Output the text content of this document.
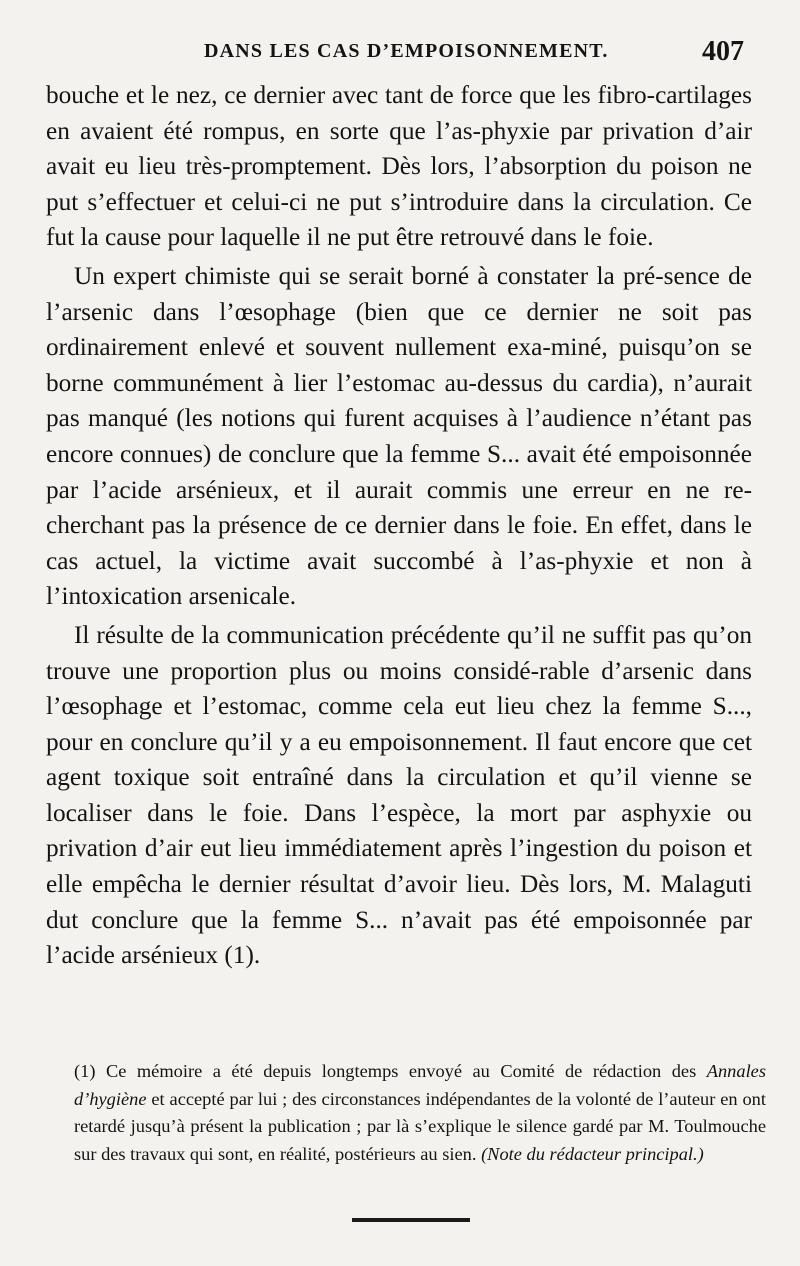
DANS LES CAS D’EMPOISONNEMENT.	407

bouche et le nez, ce dernier avec tant de force que les fibro-cartilages en avaient été rompus, en sorte que l’as-phyxie par privation d’air avait eu lieu très-promptement. Dès lors, l’absorption du poison ne put s’effectuer et celui-ci ne put s’introduire dans la circulation. Ce fut la cause pour laquelle il ne put être retrouvé dans le foie.

Un expert chimiste qui se serait borné à constater la pré-sence de l’arsenic dans l’œsophage (bien que ce dernier ne soit pas ordinairement enlevé et souvent nullement exa-miné, puisqu’on se borne communément à lier l’estomac au-dessus du cardia), n’aurait pas manqué (les notions qui furent acquises à l’audience n’étant pas encore connues) de conclure que la femme S... avait été empoisonnée par l’acide arsénieux, et il aurait commis une erreur en ne re-cherchant pas la présence de ce dernier dans le foie. En effet, dans le cas actuel, la victime avait succombé à l’as-phyxie et non à l’intoxication arsenicale.

Il résulte de la communication précédente qu’il ne suffit pas qu’on trouve une proportion plus ou moins considé-rable d’arsenic dans l’œsophage et l’estomac, comme cela eut lieu chez la femme S..., pour en conclure qu’il y a eu empoisonnement. Il faut encore que cet agent toxique soit entraîné dans la circulation et qu’il vienne se localiser dans le foie. Dans l’espèce, la mort par asphyxie ou privation d’air eut lieu immédiatement après l’ingestion du poison et elle empêcha le dernier résultat d’avoir lieu. Dès lors, M. Malaguti dut conclure que la femme S... n’avait pas été empoisonnée par l’acide arsénieux (1).

(1) Ce mémoire a été depuis longtemps envoyé au Comité de rédaction des Annales d’hygiène et accepté par lui ; des circonstances indépendantes de la volonté de l’auteur en ont retardé jusqu’à présent la publication ; par là s’explique le silence gardé par M. Toulmouche sur des travaux qui sont, en réalité, postérieurs au sien. (Note du rédacteur principal.)
